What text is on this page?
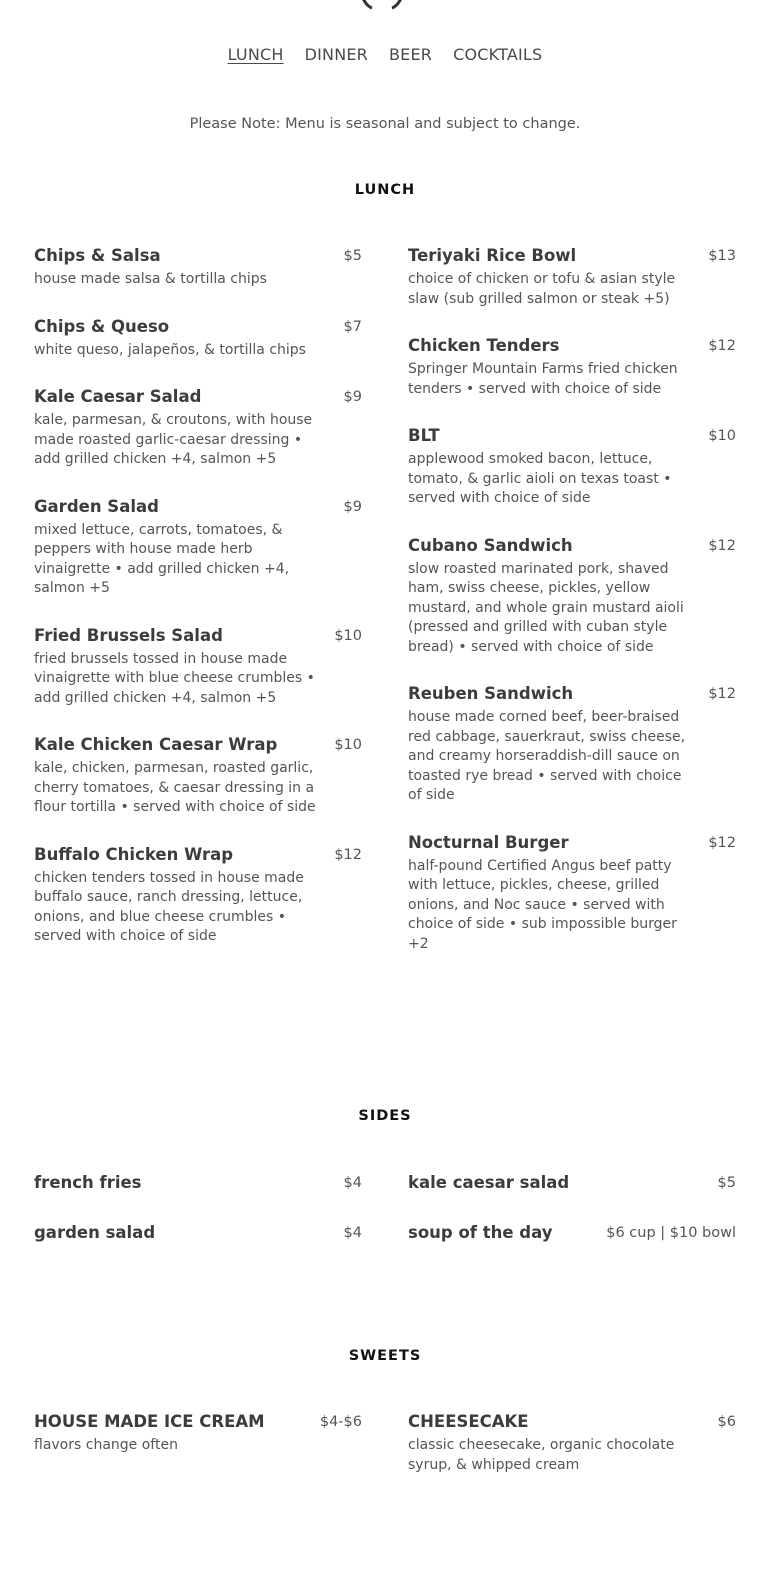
LUNCH DINNER BEER COCKTAILS
Please Note: Menu is seasonal and subject to change.
LUNCH
Chips & Salsa	$5
house made salsa & tortilla chips
Chips & Queso	$7
white queso, jalapeños, & tortilla chips
Kale Caesar Salad	$9
kale, parmesan, & croutons, with house made roasted garlic-caesar dressing • add grilled chicken +4, salmon +5
Garden Salad	$9
mixed lettuce, carrots, tomatoes, & peppers with house made herb vinaigrette • add grilled chicken +4, salmon +5
Fried Brussels Salad	$10
fried brussels tossed in house made vinaigrette with blue cheese crumbles • add grilled chicken +4, salmon +5
Kale Chicken Caesar Wrap	$10
kale, chicken, parmesan, roasted garlic, cherry tomatoes, & caesar dressing in a flour tortilla • served with choice of side
Buffalo Chicken Wrap	$12
chicken tenders tossed in house made buffalo sauce, ranch dressing, lettuce, onions, and blue cheese crumbles • served with choice of side
Teriyaki Rice Bowl	$13
choice of chicken or tofu & asian style slaw (sub grilled salmon or steak +5)
Chicken Tenders	$12
Springer Mountain Farms fried chicken tenders • served with choice of side
BLT	$10
applewood smoked bacon, lettuce, tomato, & garlic aioli on texas toast • served with choice of side
Cubano Sandwich	$12
slow roasted marinated pork, shaved ham, swiss cheese, pickles, yellow mustard, and whole grain mustard aioli (pressed and grilled with cuban style bread) • served with choice of side
Reuben Sandwich	$12
house made corned beef, beer-braised red cabbage, sauerkraut, swiss cheese, and creamy horseraddish-dill sauce on toasted rye bread • served with choice of side
Nocturnal Burger	$12
half-pound Certified Angus beef patty with lettuce, pickles, cheese, grilled onions, and Noc sauce • served with choice of side • sub impossible burger +2
SIDES
french fries	$4
garden salad	$4
kale caesar salad	$5
soup of the day	$6 cup | $10 bowl
SWEETS
HOUSE MADE ICE CREAM	$4-$6
flavors change often
CHEESECAKE	$6
classic cheesecake, organic chocolate syrup, & whipped cream
